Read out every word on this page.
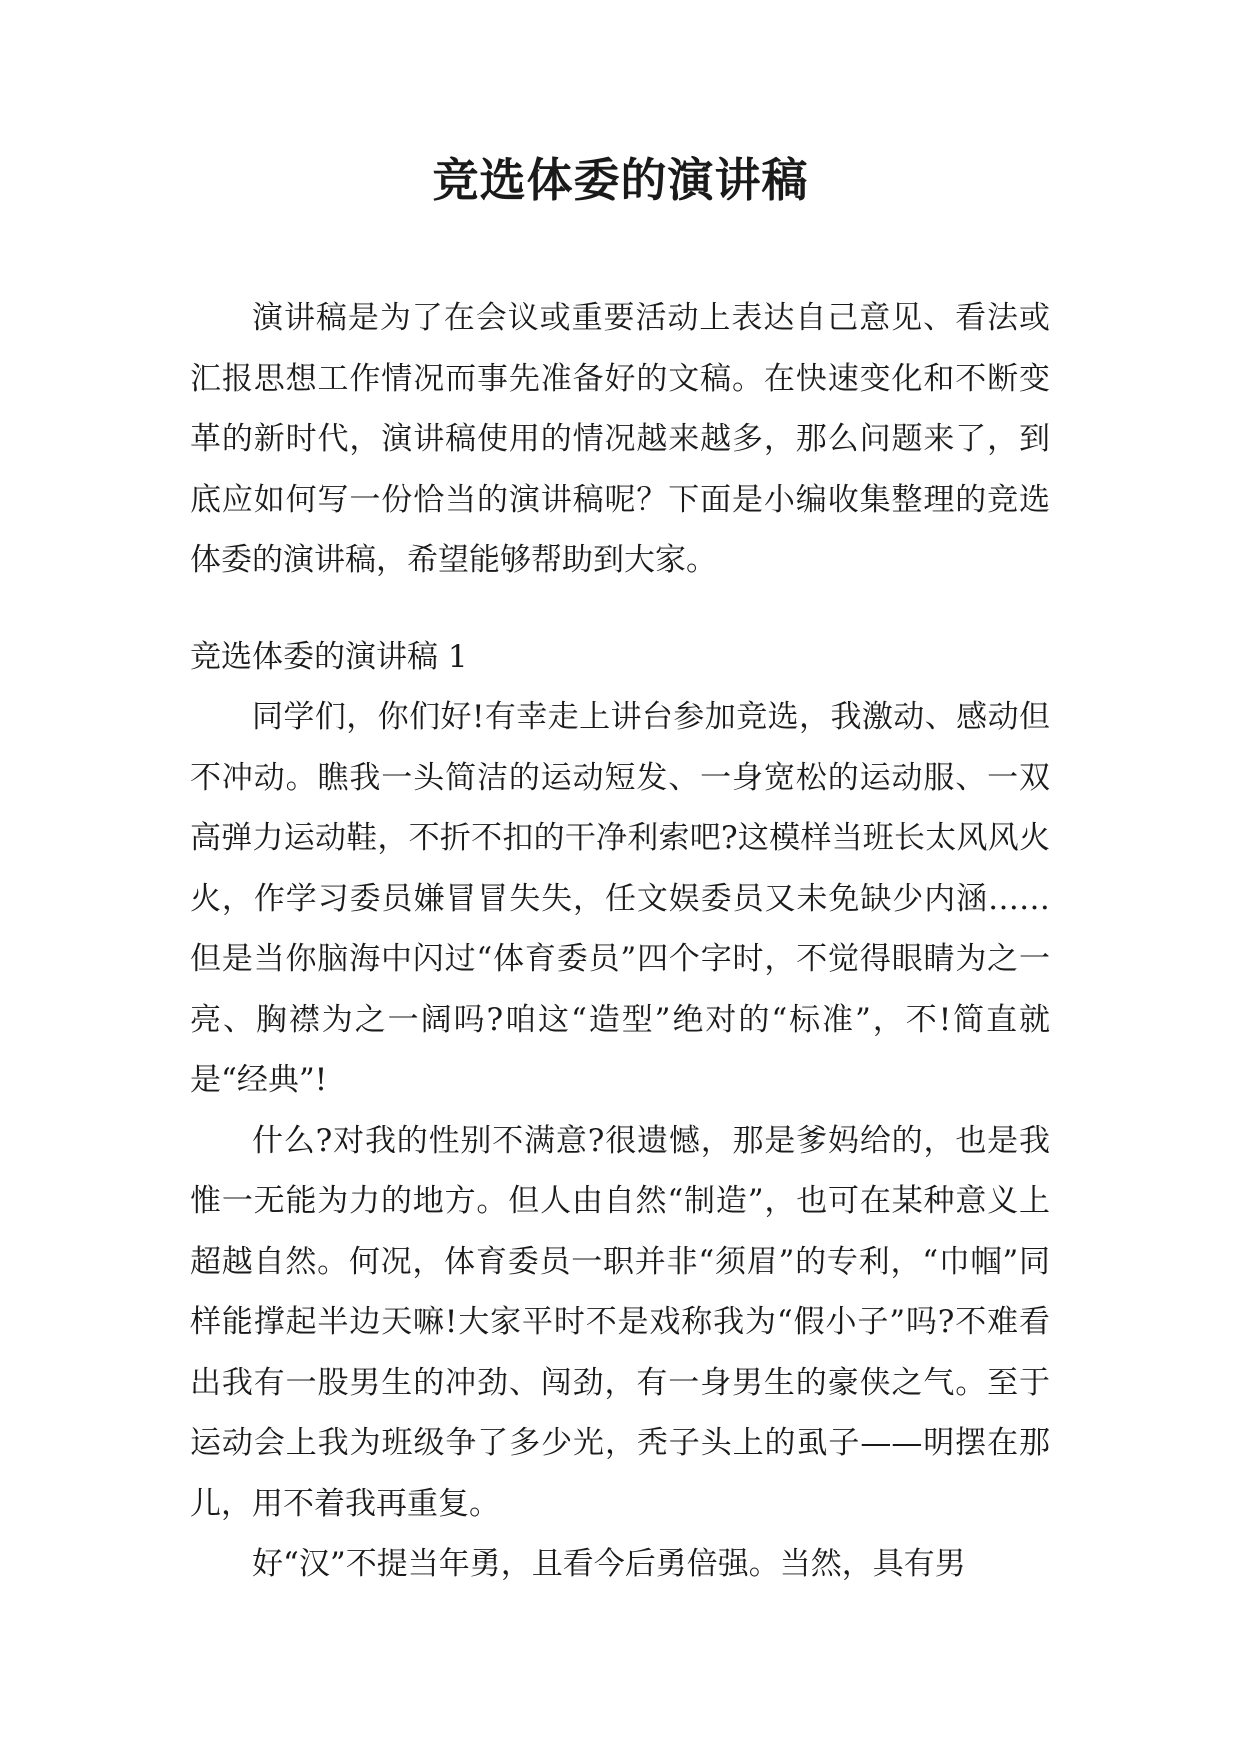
竞选体委的演讲稿

演讲稿是为了在会议或重要活动上表达自己意见、看法或汇报思想工作情况而事先准备好的文稿。在快速变化和不断变革的新时代，演讲稿使用的情况越来越多，那么问题来了，到底应如何写一份恰当的演讲稿呢？下面是小编收集整理的竞选体委的演讲稿，希望能够帮助到大家。

竞选体委的演讲稿 1

同学们，你们好!有幸走上讲台参加竞选，我激动、感动但不冲动。瞧我一头简洁的运动短发、一身宽松的运动服、一双高弹力运动鞋，不折不扣的干净利索吧?这模样当班长太风风火火，作学习委员嫌冒冒失失，任文娱委员又未免缺少内涵……但是当你脑海中闪过“体育委员”四个字时，不觉得眼睛为之一亮、胸襟为之一阔吗?咱这“造型”绝对的“标准”，不!简直就是“经典”!

什么?对我的性别不满意?很遗憾，那是爹妈给的，也是我惟一无能为力的地方。但人由自然“制造”，也可在某种意义上超越自然。何况，体育委员一职并非“须眉”的专利，“巾帼”同样能撑起半边天嘛!大家平时不是戏称我为“假小子”吗?不难看出我有一股男生的冲劲、闯劲，有一身男生的豪侠之气。至于运动会上我为班级争了多少光，秃子头上的虱子——明摆在那儿，用不着我再重复。

好“汉”不提当年勇，且看今后勇倍强。当然，具有男
